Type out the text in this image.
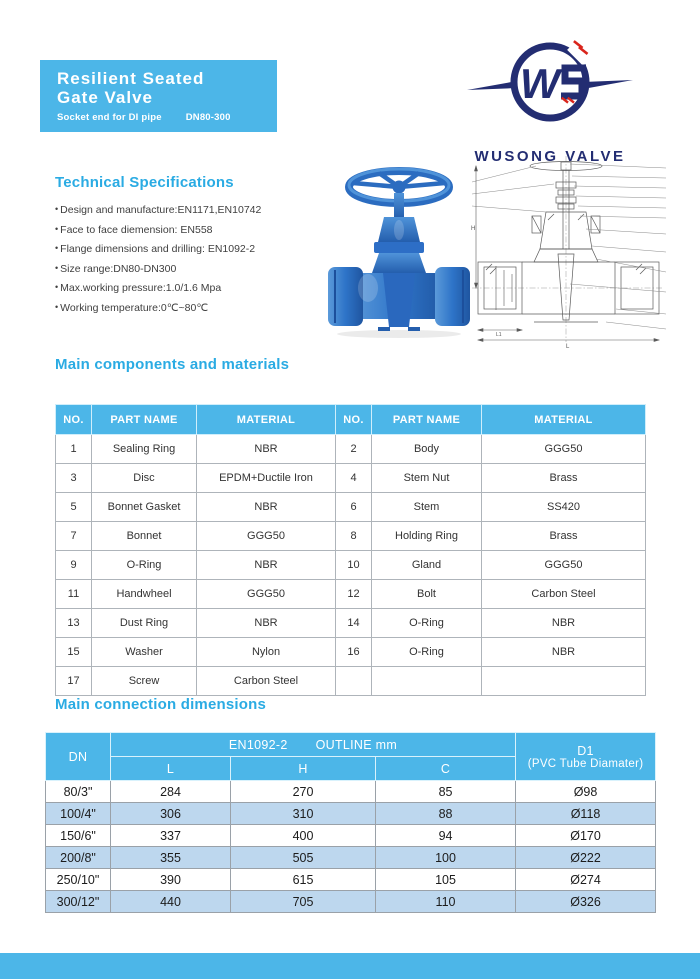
Resilient Seated
Gate Valve
Socket end for DI pipe	DN80-300
W
WUSONG VALVE
Technical Specifications
• Design and manufacture:EN1171,EN10742
• Face to face diemension: EN558
• Flange dimensions and drilling: EN1092-2
• Size range:DN80-DN300
• Max.working pressure:1.0/1.6 Mpa
• Working temperature:0℃~80℃
H
L1
L
Main components and materials
NO.	PART NAME	MATERIAL	NO.	PART NAME	MATERIAL
1	Sealing Ring	NBR	2	Body	GGG50
3	Disc	EPDM+Ductile Iron	4	Stem Nut	Brass
5	Bonnet Gasket	NBR	6	Stem	SS420
7	Bonnet	GGG50	8	Holding Ring	Brass
9	O-Ring	NBR	10	Gland	GGG50
11	Handwheel	GGG50	12	Bolt	Carbon Steel
13	Dust Ring	NBR	14	O-Ring	NBR
15	Washer	Nylon	16	O-Ring	NBR
17	Screw	Carbon Steel			
Main connection dimensions
DN	EN1092-2 OUTLINE mm			D1
(PVC Tube Diamater)

	L	H	C	
80/3"	284	270	85	Ø98
100/4"	306	310	88	Ø118
150/6"	337	400	94	Ø170
200/8"	355	505	100	Ø222
250/10"	390	615	105	Ø274
300/12"	440	705	110	Ø326
